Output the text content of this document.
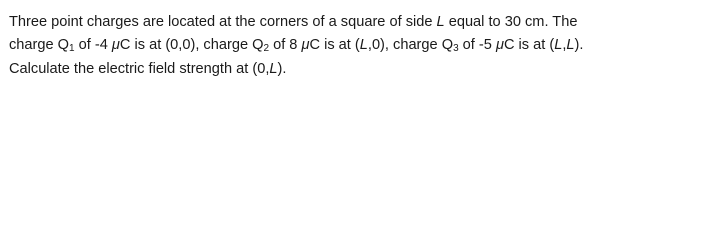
Three point charges are located at the corners of a square of side L equal to 30 cm. The
charge $Q_1$ of -4 μC is at (0,0), charge $Q_2$ of 8 μC is at (L,0), charge $Q_3$ of -5 μC is at (L,L).
Calculate the electric field strength at (0,L).
